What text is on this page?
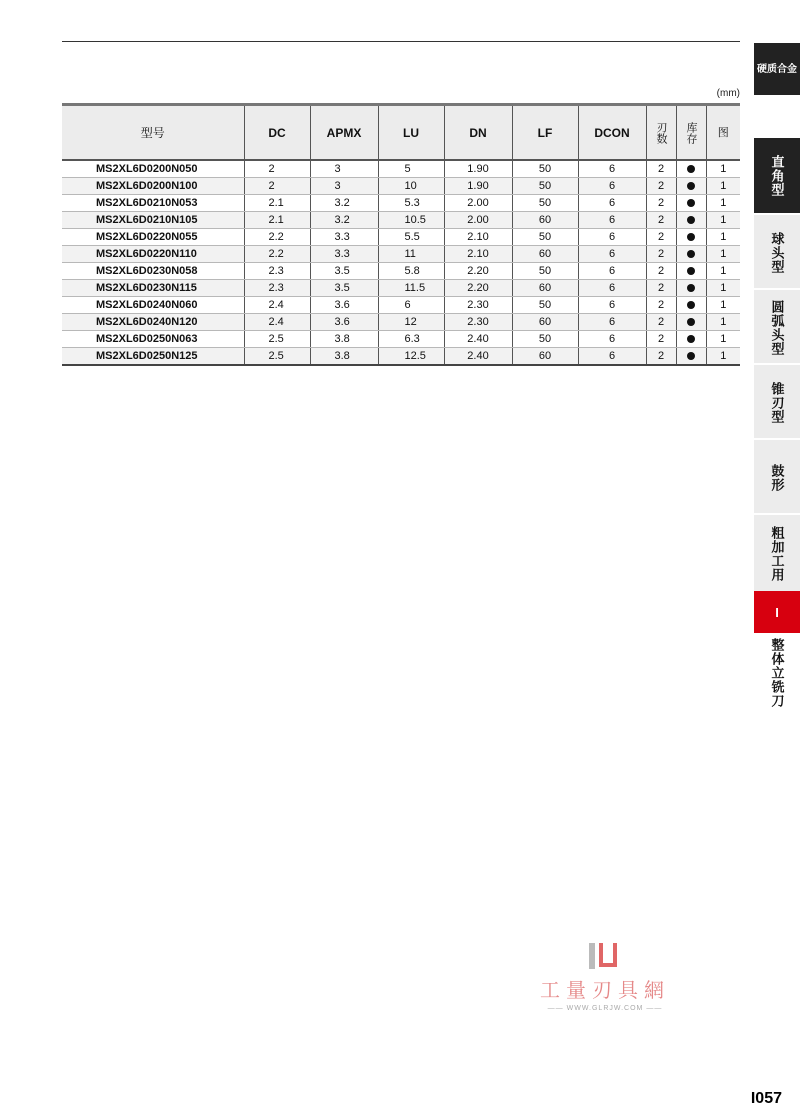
(mm)
型号	DC	APMX	LU	DN	LF	DCON	刃数	库存	图
MS2XL6D0200N050	2	3	5	1.90	50	6	2		1
MS2XL6D0200N100	2	3	10	1.90	50	6	2		1
MS2XL6D0210N053	2.1	3.2	5.3	2.00	50	6	2		1
MS2XL6D0210N105	2.1	3.2	10.5	2.00	60	6	2		1
MS2XL6D0220N055	2.2	3.3	5.5	2.10	50	6	2		1
MS2XL6D0220N110	2.2	3.3	11	2.10	60	6	2		1
MS2XL6D0230N058	2.3	3.5	5.8	2.20	50	6	2		1
MS2XL6D0230N115	2.3	3.5	11.5	2.20	60	6	2		1
MS2XL6D0240N060	2.4	3.6	6	2.30	50	6	2		1
MS2XL6D0240N120	2.4	3.6	12	2.30	60	6	2		1
MS2XL6D0250N063	2.5	3.8	6.3	2.40	50	6	2		1
MS2XL6D0250N125	2.5	3.8	12.5	2.40	60	6	2		1
硬质合金
直角型
球头型
圆弧头型
锥刃型
鼓形
粗加工用
I
整体立铣刀
工量刃具網
—— WWW.GLRJW.COM ——
I057
